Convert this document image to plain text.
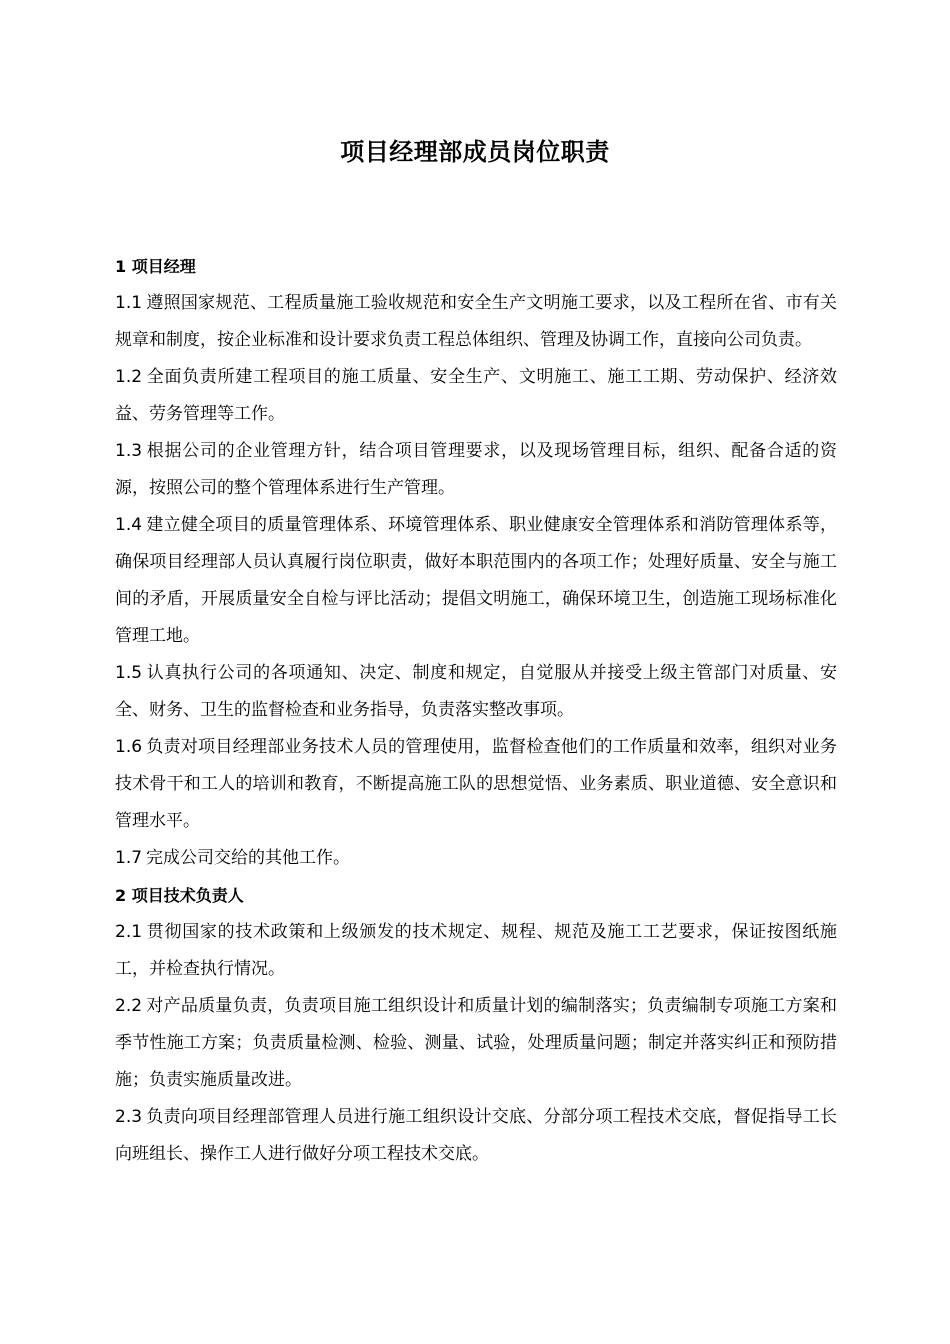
项目经理部成员岗位职责
1 项目经理

1.1 遵照国家规范、工程质量施工验收规范和安全生产文明施工要求，以及工程所在省、市有关规章和制度，按企业标准和设计要求负责工程总体组织、管理及协调工作，直接向公司负责。

1.2 全面负责所建工程项目的施工质量、安全生产、文明施工、施工工期、劳动保护、经济效益、劳务管理等工作。

1.3 根据公司的企业管理方针，结合项目管理要求，以及现场管理目标，组织、配备合适的资源，按照公司的整个管理体系进行生产管理。

1.4 建立健全项目的质量管理体系、环境管理体系、职业健康安全管理体系和消防管理体系等，确保项目经理部人员认真履行岗位职责，做好本职范围内的各项工作；处理好质量、安全与施工间的矛盾，开展质量安全自检与评比活动；提倡文明施工，确保环境卫生，创造施工现场标准化管理工地。

1.5 认真执行公司的各项通知、决定、制度和规定，自觉服从并接受上级主管部门对质量、安全、财务、卫生的监督检查和业务指导，负责落实整改事项。

1.6 负责对项目经理部业务技术人员的管理使用，监督检查他们的工作质量和效率，组织对业务技术骨干和工人的培训和教育，不断提高施工队的思想觉悟、业务素质、职业道德、安全意识和管理水平。

1.7 完成公司交给的其他工作。

2 项目技术负责人

2.1 贯彻国家的技术政策和上级颁发的技术规定、规程、规范及施工工艺要求，保证按图纸施工，并检查执行情况。

2.2 对产品质量负责，负责项目施工组织设计和质量计划的编制落实；负责编制专项施工方案和季节性施工方案；负责质量检测、检验、测量、试验，处理质量问题；制定并落实纠正和预防措施；负责实施质量改进。

2.3 负责向项目经理部管理人员进行施工组织设计交底、分部分项工程技术交底，督促指导工长向班组长、操作工人进行做好分项工程技术交底。
